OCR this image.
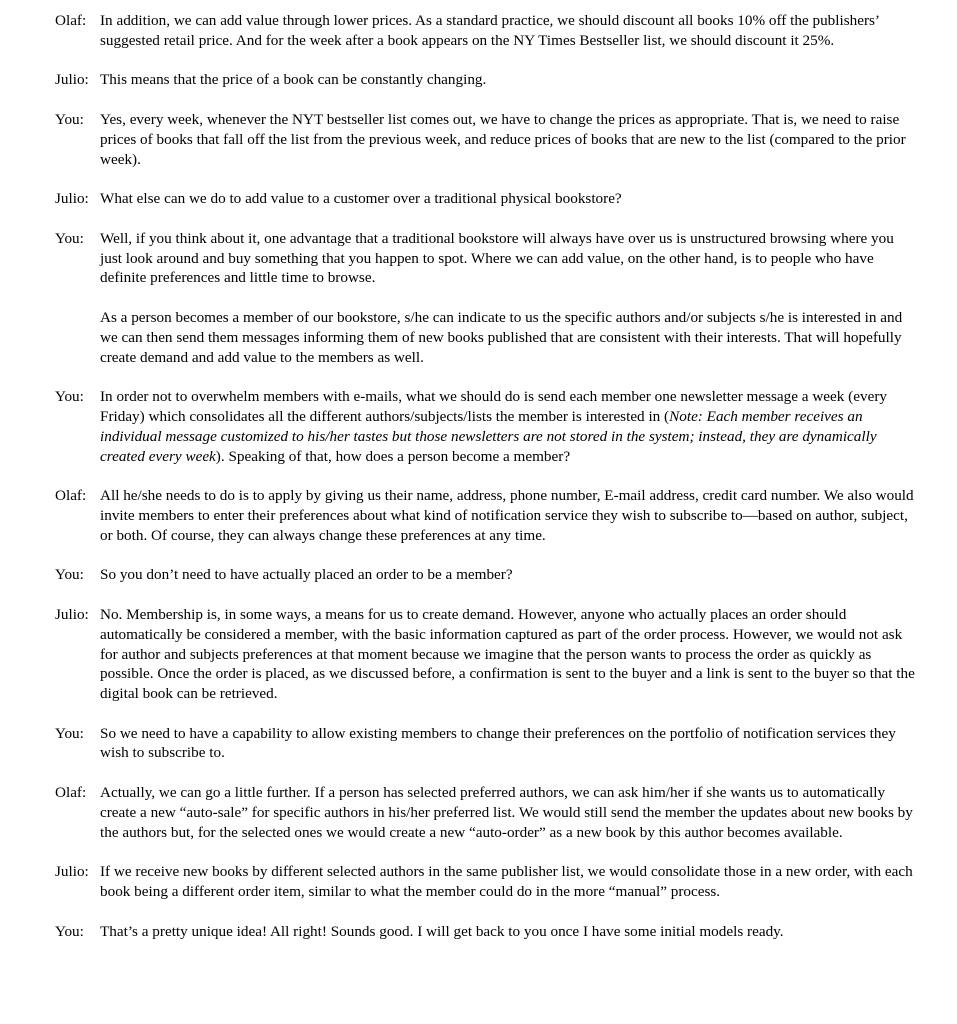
Olaf: In addition, we can add value through lower prices. As a standard practice, we should discount all books 10% off the publishers’ suggested retail price. And for the week after a book appears on the NY Times Bestseller list, we should discount it 25%.
Julio: This means that the price of a book can be constantly changing.
You:	Yes, every week, whenever the NYT bestseller list comes out, we have to change the prices as appropriate. That is, we need to raise prices of books that fall off the list from the previous week, and reduce prices of books that are new to the list (compared to the prior week).
Julio: What else can we do to add value to a customer over a traditional physical bookstore?
You:	Well, if you think about it, one advantage that a traditional bookstore will always have over us is unstructured browsing where you just look around and buy something that you happen to spot. Where we can add value, on the other hand, is to people who have definite preferences and little time to browse.
As a person becomes a member of our bookstore, s/he can indicate to us the specific authors and/or subjects s/he is interested in and we can then send them messages informing them of new books published that are consistent with their interests. That will hopefully create demand and add value to the members as well.
You:	In order not to overwhelm members with e-mails, what we should do is send each member one newsletter message a week (every Friday) which consolidates all the different authors/subjects/lists the member is interested in (Note: Each member receives an individual message customized to his/her tastes but those newsletters are not stored in the system; instead, they are dynamically created every week). Speaking of that, how does a person become a member?
Olaf: All he/she needs to do is to apply by giving us their name, address, phone number, E-mail address, credit card number. We also would invite members to enter their preferences about what kind of notification service they wish to subscribe to—based on author, subject, or both. Of course, they can always change these preferences at any time.
You:	So you don’t need to have actually placed an order to be a member?
Julio: No. Membership is, in some ways, a means for us to create demand. However, anyone who actually places an order should automatically be considered a member, with the basic information captured as part of the order process. However, we would not ask for author and subjects preferences at that moment because we imagine that the person wants to process the order as quickly as possible. Once the order is placed, as we discussed before, a confirmation is sent to the buyer and a link is sent to the buyer so that the digital book can be retrieved.
You:	So we need to have a capability to allow existing members to change their preferences on the portfolio of notification services they wish to subscribe to.
Olaf: Actually, we can go a little further. If a person has selected preferred authors, we can ask him/her if she wants us to automatically create a new “auto-sale” for specific authors in his/her preferred list. We would still send the member the updates about new books by the authors but, for the selected ones we would create a new “auto-order” as a new book by this author becomes available.
Julio: If we receive new books by different selected authors in the same publisher list, we would consolidate those in a new order, with each book being a different order item, similar to what the member could do in the more “manual” process.
You:	That’s a pretty unique idea! All right! Sounds good. I will get back to you once I have some initial models ready.
